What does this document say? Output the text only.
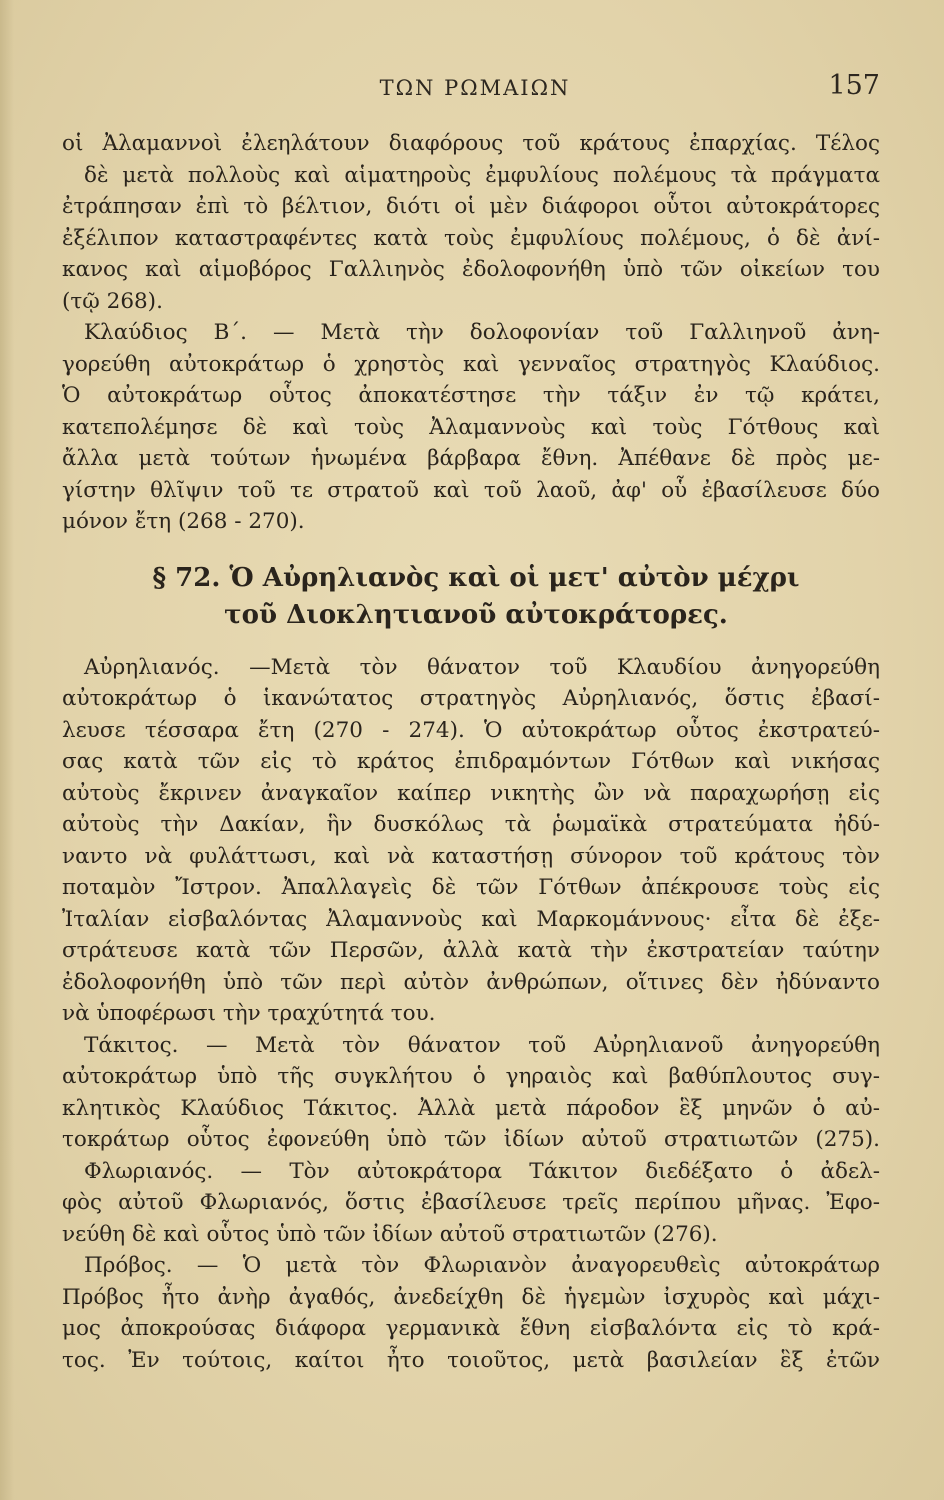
ΤΩΝ ΡΩΜΑΙΩΝ	157
οἱ Ἀλαμαννοὶ ἐλεηλάτουν διαφόρους τοῦ κράτους ἐπαρχίας. Τέλος
δὲ μετὰ πολλοὺς καὶ αἱματηροὺς ἐμφυλίους πολέμους τὰ πράγματα
ἐτράπησαν ἐπὶ τὸ βέλτιον, διότι οἱ μὲν διάφοροι οὗτοι αὐτοκράτορες
ἐξέλιπον καταστραφέντες κατὰ τοὺς ἐμφυλίους πολέμους, ὁ δὲ ἀνί-
κανος καὶ αἱμοβόρος Γαλλιηνὸς ἐδολοφονήθη ὑπὸ τῶν οἰκείων του
(τῷ 268).
Κλαύδιος Β΄. — Μετὰ τὴν δολοφονίαν τοῦ Γαλλιηνοῦ ἀνη-
γορεύθη αὐτοκράτωρ ὁ χρηστὸς καὶ γενναῖος στρατηγὸς Κλαύδιος.
Ὁ αὐτοκράτωρ οὗτος ἀποκατέστησε τὴν τάξιν ἐν τῷ κράτει,
κατεπολέμησε δὲ καὶ τοὺς Ἀλαμαννοὺς καὶ τοὺς Γότθους καὶ
ἄλλα μετὰ τούτων ἡνωμένα βάρβαρα ἔθνη. Ἀπέθανε δὲ πρὸς με-
γίστην θλῖψιν τοῦ τε στρατοῦ καὶ τοῦ λαοῦ, ἀφ' οὗ ἐβασίλευσε δύο
μόνον ἔτη (268 - 270).
§ 72. Ὁ Αὐρηλιανὸς καὶ οἱ μετ' αὐτὸν μέχρι
τοῦ Διοκλητιανοῦ αὐτοκράτορες.
Αὐρηλιανός. —Μετὰ τὸν θάνατον τοῦ Κλαυδίου ἀνηγορεύθη
αὐτοκράτωρ ὁ ἱκανώτατος στρατηγὸς Αὐρηλιανός, ὅστις ἐβασί-
λευσε τέσσαρα ἔτη (270 - 274). Ὁ αὐτοκράτωρ οὗτος ἐκστρατεύ-
σας κατὰ τῶν εἰς τὸ κράτος ἐπιδραμόντων Γότθων καὶ νικήσας
αὐτοὺς ἔκρινεν ἀναγκαῖον καίπερ νικητὴς ὢν νὰ παραχωρήσῃ εἰς
αὐτοὺς τὴν Δακίαν, ἣν δυσκόλως τὰ ῥωμαϊκὰ στρατεύματα ἠδύ-
ναντο νὰ φυλάττωσι, καὶ νὰ καταστήσῃ σύνορον τοῦ κράτους τὸν
ποταμὸν Ἴστρον. Ἀπαλλαγεὶς δὲ τῶν Γότθων ἀπέκρουσε τοὺς εἰς
Ἰταλίαν εἰσβαλόντας Ἀλαμαννοὺς καὶ Μαρκομάννους· εἶτα δὲ ἐξε-
στράτευσε κατὰ τῶν Περσῶν, ἀλλὰ κατὰ τὴν ἐκστρατείαν ταύτην
ἐδολοφονήθη ὑπὸ τῶν περὶ αὐτὸν ἀνθρώπων, οἵτινες δὲν ἠδύναντο
νὰ ὑποφέρωσι τὴν τραχύτητά του.
Τάκιτος. — Μετὰ τὸν θάνατον τοῦ Αὐρηλιανοῦ ἀνηγορεύθη
αὐτοκράτωρ ὑπὸ τῆς συγκλήτου ὁ γηραιὸς καὶ βαθύπλουτος συγ-
κλητικὸς Κλαύδιος Τάκιτος. Ἀλλὰ μετὰ πάροδον ἓξ μηνῶν ὁ αὐ-
τοκράτωρ οὗτος ἐφονεύθη ὑπὸ τῶν ἰδίων αὐτοῦ στρατιωτῶν (275).
Φλωριανός. — Τὸν αὐτοκράτορα Τάκιτον διεδέξατο ὁ ἀδελ-
φὸς αὐτοῦ Φλωριανός, ὅστις ἐβασίλευσε τρεῖς περίπου μῆνας. Ἐφο-
νεύθη δὲ καὶ οὗτος ὑπὸ τῶν ἰδίων αὐτοῦ στρατιωτῶν (276).
Πρόβος. — Ὁ μετὰ τὸν Φλωριανὸν ἀναγορευθεὶς αὐτοκράτωρ
Πρόβος ἦτο ἀνὴρ ἀγαθός, ἀνεδείχθη δὲ ἡγεμὼν ἰσχυρὸς καὶ μάχι-
μος ἀποκρούσας διάφορα γερμανικὰ ἔθνη εἰσβαλόντα εἰς τὸ κρά-
τος. Ἐν τούτοις, καίτοι ἦτο τοιοῦτος, μετὰ βασιλείαν ἓξ ἐτῶν
